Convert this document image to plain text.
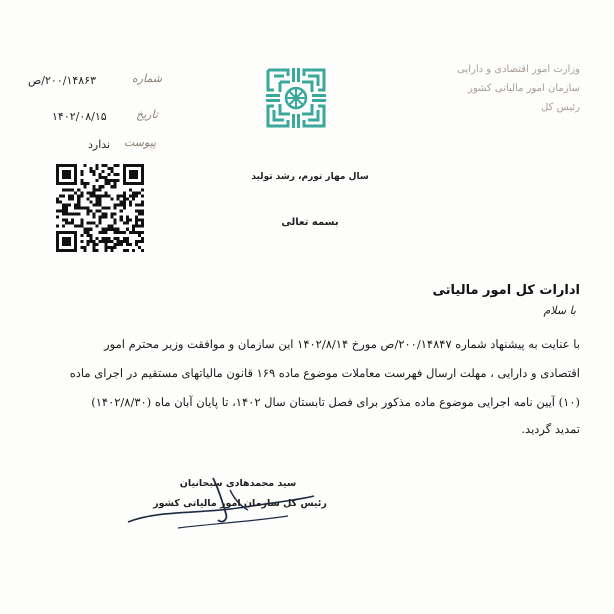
وزارت امور اقتصادی و دارایی
سازمان امور مالیاتی کشور
رئیس کل
سال مهار تورم، رشد تولید
بسمه تعالی
شماره
۲۰۰/۱۴۸۶۳/ص
تاریخ
۱۴۰۲/۰۸/۱۵
پیوست
ندارد
ادارات کل امور مالیاتی
با سلام
با عنایت به پیشنهاد شماره ۲۰۰/۱۴۸۴۷/ص مورخ ۱۴۰۲/۸/۱۴ این سازمان و موافقت وزیر محترم امور
اقتصادی و دارایی ، مهلت ارسال فهرست معاملات موضوع ماده ۱۶۹ قانون مالیاتهای مستقیم در اجرای ماده
(۱۰) آیین نامه اجرایی موضوع ماده مذکور برای فصل تابستان سال ۱۴۰۲، تا پایان آبان ماه (۱۴۰۲/۸/۳۰)
تمدید گردید.
سید محمدهادی سبحانیان
رئیس کل سازمان امور مالیاتی کشور
